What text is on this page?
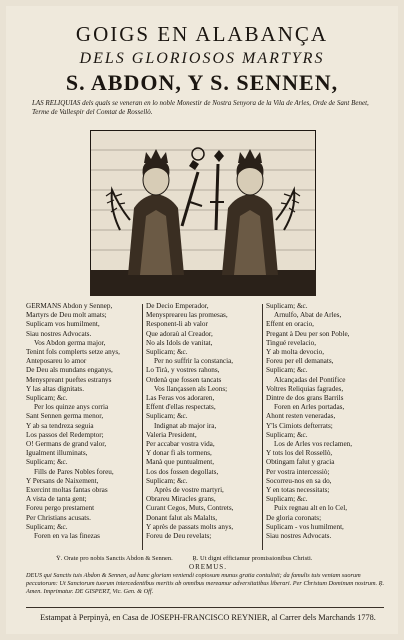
GOIGS EN ALABANÇA
DELS GLORIOSOS MARTYRS
S. ABDON, Y S. SENNEN,
LAS RELIQUIAS dels quals se veneran en lo noble Monestir de Nostra Senyora de la Vila de Arles, Orde de Sant Benet, Terme de Vallespir del Comtat de Rossellò.
GERMANS Abdon y Sennep,
Martyrs de Deu molt amats;
Suplicam vos humilment,
Siau nostres Advocats.
Vos Abdon germa major,
Tenint fols complerts setze anys,
Anteposareu lo amor
De Deu als mundans enganys,
Menyspreant pueftes estranys
Y las altas dignitats.
Suplicam; &c.
Per los quinze anys corria
Sant Sennen germa menor,
Y ab sa tendreza seguia
Los passos del Redemptor;
O! Germans de grand valor,
Igualment illuminats,
Suplicam; &c.
Fills de Pares Nobles foreu,
Y Persans de Naixement,
Exercint moltas fantas obras
A vista de tanta gent;
Foreu pergo prestament
Per Christians acusats.
Suplicam; &c.
Foren en va las finezas
De Decio Emperador,
Menyspreareu las promesas,
Responent-li ab valor
Que adoraù al Creador,
No als Idols de vanitat,
Suplicam; &c.
Per no suffrir la constancia,
Lo Tirà, y vostres rahons,
Ordenà que fossen tancats
Vos llançassen als Leons;
Las Feras vos adoraren,
Effent d'ellas respectats,
Suplicam; &c.
Indignat ab major ira,
Valeria President,
Per accabar vostra vida,
Y donar fi als tormens,
Manà que puntualment,
Los dos fossen degollats,
Suplicam; &c.
Après de vostre martyri,
Obrareu Miracles grans,
Curant Cegos, Muts, Contrets,
Donant falut als Malalts,
Y après de passats molts anys,
Foreu de Deu revelats;
Suplicam; &c.
Arnulfo, Abat de Arles,
Effent en oracio,
Pregant à Deu per son Poble,
Tingué revelacio,
Y ab molta devocio,
Foreu per ell demanats,
Suplicam; &c.
Alcançadas del Pontifice
Voltres Reliquias fagrades,
Dintre de dos grans Barrils
Foren en Arles portadas,
Ahont resten veneradas,
Y'ls Cimiots defterrats;
Suplicam; &c.
Los de Arles vos reclamen,
Y tots los del Rossellò,
Obtingam falut y gracia
Per vostra intercessiò;
Socorreu-nos en sa do,
Y en totas necessitats;
Suplicam; &c.
Puix regnau alt en lo Cel,
De gloria coronats;
Suplicam - vos humilment,
Siau nostres Advocats.
Ÿ. Orate pro nobis Sanctis Abdon & Sennen.	Ŗ. Ut digni efficiamur promissionibus Christi.
OREMUS.
DEUS qui Sanctis tuis Abdon & Sennen, ad hanc gloriam veniendi copiosum munus gratia contulisti; da famulis tuis veniam suorum peccatorum: Ut Sanctorum tuorum intercedentibus meritis ab omnibus mereamur adversitatibus liberari. Per Christum Dominum nostrum. Ŗ. Amen. Imprimatur. DE GISPERT, Vic. Gen. & Off.
Estampat à Perpinyà, en Casa de JOSEPH-FRANCISCO REYNIER, al Carrer dels Marchands 1778.
